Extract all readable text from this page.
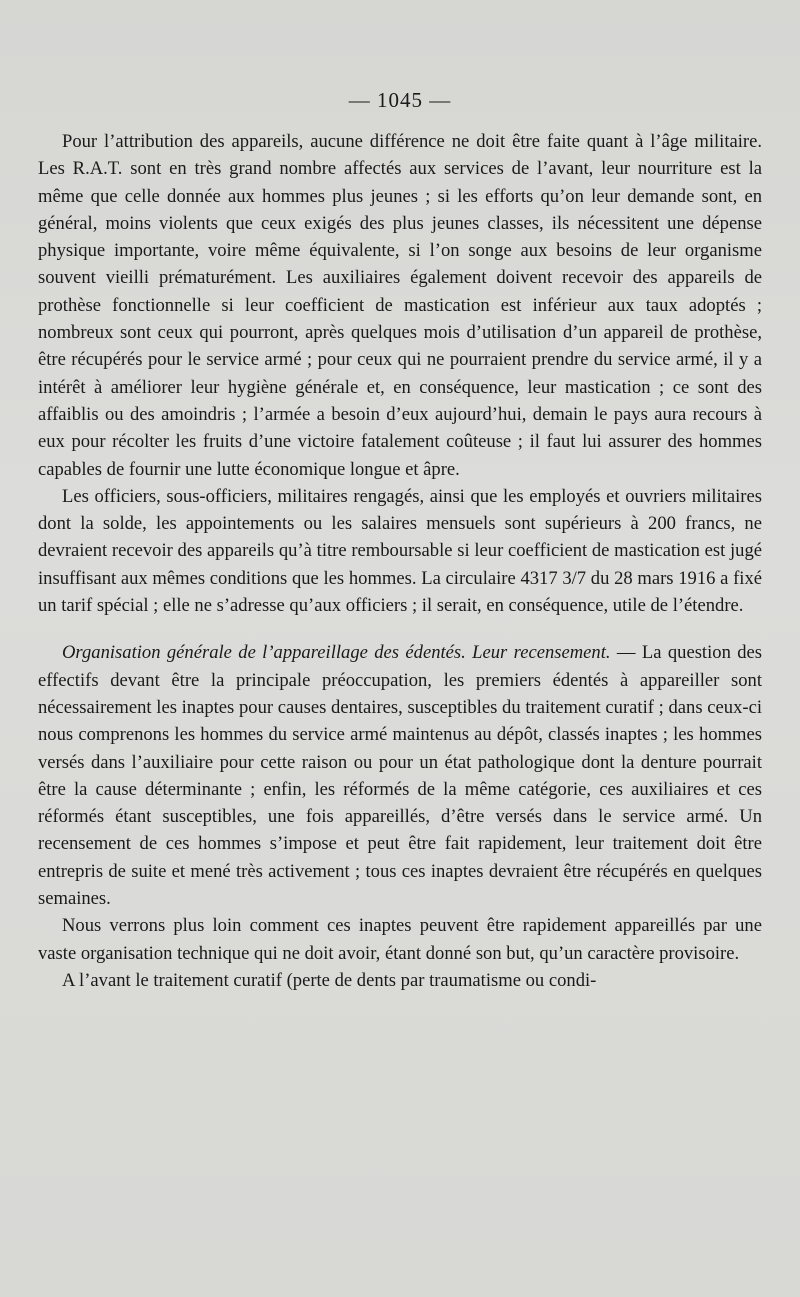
— 1045 —

Pour l’attribution des appareils, aucune différence ne doit être faite quant à l’âge militaire. Les R.A.T. sont en très grand nombre affectés aux services de l’avant, leur nourriture est la même que celle donnée aux hommes plus jeunes ; si les efforts qu’on leur demande sont, en général, moins violents que ceux exigés des plus jeunes classes, ils nécessitent une dépense physique importante, voire même équivalente, si l’on songe aux besoins de leur organisme souvent vieilli prématurément. Les auxiliaires également doivent recevoir des appareils de prothèse fonctionnelle si leur coefficient de mastication est inférieur aux taux adoptés ; nombreux sont ceux qui pourront, après quelques mois d’utilisation d’un appareil de prothèse, être récupérés pour le service armé ; pour ceux qui ne pourraient prendre du service armé, il y a intérêt à améliorer leur hygiène générale et, en conséquence, leur mastication ; ce sont des affaiblis ou des amoindris ; l’armée a besoin d’eux aujourd’hui, demain le pays aura recours à eux pour récolter les fruits d’une victoire fatalement coûteuse ; il faut lui assurer des hommes capables de fournir une lutte économique longue et âpre.

Les officiers, sous-officiers, militaires rengagés, ainsi que les employés et ouvriers militaires dont la solde, les appointements ou les salaires mensuels sont supérieurs à 200 francs, ne devraient recevoir des appareils qu’à titre remboursable si leur coefficient de mastication est jugé insuffisant aux mêmes conditions que les hommes. La circulaire 4317 3/7 du 28 mars 1916 a fixé un tarif spécial ; elle ne s’adresse qu’aux officiers ; il serait, en conséquence, utile de l’étendre.

Organisation générale de l’appareillage des édentés. Leur recensement. — La question des effectifs devant être la principale préoccupation, les premiers édentés à appareiller sont nécessairement les inaptes pour causes dentaires, susceptibles du traitement curatif ; dans ceux-ci nous comprenons les hommes du service armé maintenus au dépôt, classés inaptes ; les hommes versés dans l’auxiliaire pour cette raison ou pour un état pathologique dont la denture pourrait être la cause déterminante ; enfin, les réformés de la même catégorie, ces auxiliaires et ces réformés étant susceptibles, une fois appareillés, d’être versés dans le service armé. Un recensement de ces hommes s’impose et peut être fait rapidement, leur traitement doit être entrepris de suite et mené très activement ; tous ces inaptes devraient être récupérés en quelques semaines.

Nous verrons plus loin comment ces inaptes peuvent être rapidement appareillés par une vaste organisation technique qui ne doit avoir, étant donné son but, qu’un caractère provisoire.

A l’avant le traitement curatif (perte de dents par traumatisme ou condi-
